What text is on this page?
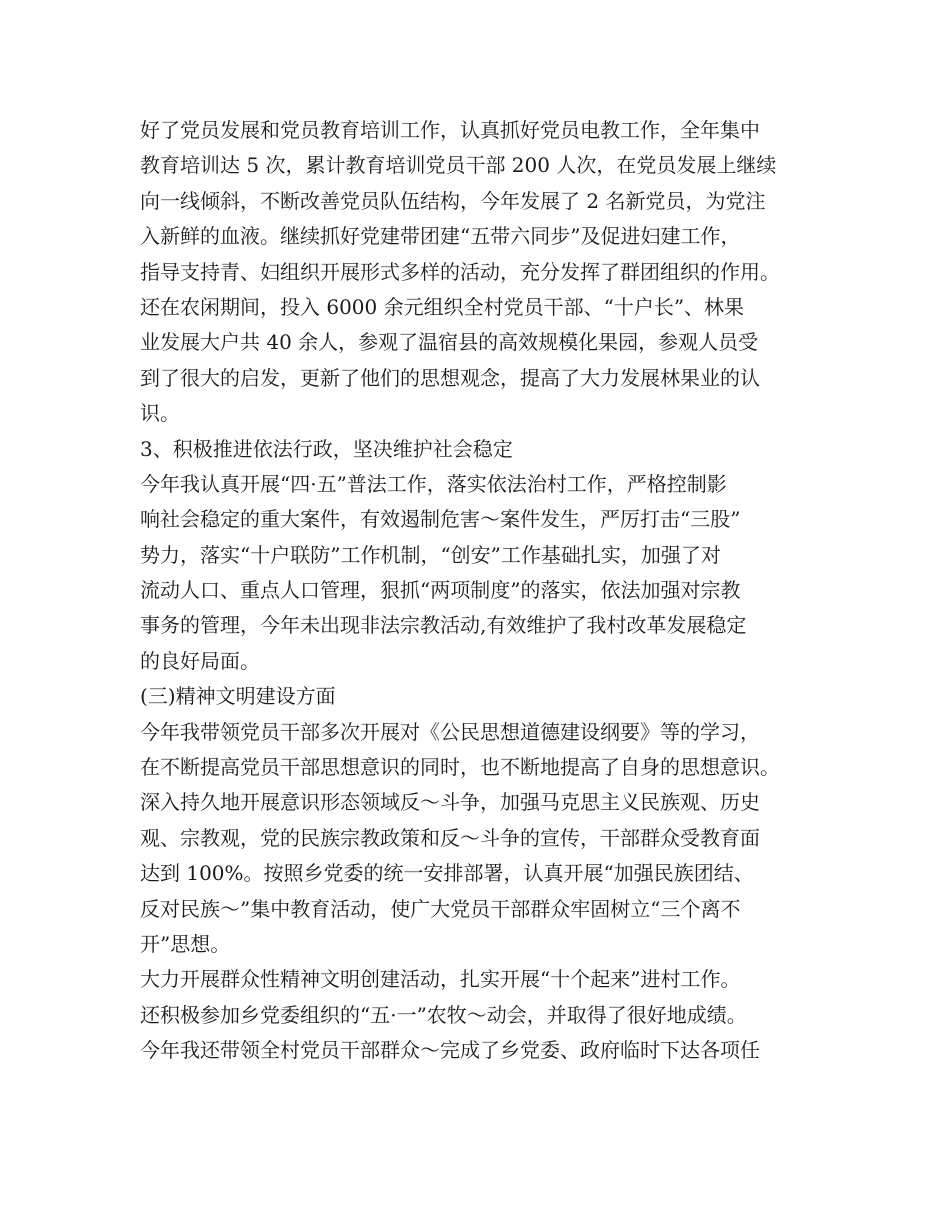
好了党员发展和党员教育培训工作，认真抓好党员电教工作，全年集中
教育培训达 5 次，累计教育培训党员干部 200 人次，在党员发展上继续
向一线倾斜，不断改善党员队伍结构，今年发展了 2 名新党员，为党注
入新鲜的血液。继续抓好党建带团建“五带六同步”及促进妇建工作，
指导支持青、妇组织开展形式多样的活动，充分发挥了群团组织的作用。
还在农闲期间，投入 6000 余元组织全村党员干部、“十户长”、林果
业发展大户共 40 余人，参观了温宿县的高效规模化果园，参观人员受
到了很大的启发，更新了他们的思想观念，提高了大力发展林果业的认
识。
3、积极推进依法行政，坚决维护社会稳定
今年我认真开展“四·五”普法工作，落实依法治村工作，严格控制影
响社会稳定的重大案件，有效遏制危害～案件发生，严厉打击“三股”
势力，落实“十户联防”工作机制，“创安”工作基础扎实，加强了对
流动人口、重点人口管理，狠抓“两项制度”的落实，依法加强对宗教
事务的管理，今年未出现非法宗教活动,有效维护了我村改革发展稳定
的良好局面。
(三)精神文明建设方面
今年我带领党员干部多次开展对《公民思想道德建设纲要》等的学习，
在不断提高党员干部思想意识的同时，也不断地提高了自身的思想意识。
深入持久地开展意识形态领域反～斗争，加强马克思主义民族观、历史
观、宗教观，党的民族宗教政策和反～斗争的宣传，干部群众受教育面
达到 100%。按照乡党委的统一安排部署，认真开展“加强民族团结、
反对民族～”集中教育活动，使广大党员干部群众牢固树立“三个离不
开”思想。
大力开展群众性精神文明创建活动，扎实开展“十个起来”进村工作。
还积极参加乡党委组织的“五·一”农牧～动会，并取得了很好地成绩。
今年我还带领全村党员干部群众～完成了乡党委、政府临时下达各项任
